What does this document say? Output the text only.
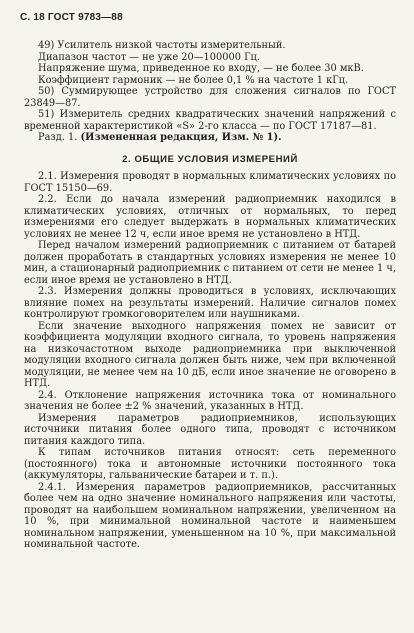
С. 18 ГОСТ 9783—88

49) Усилитель низкой частоты измерительный.

Диапазон частот — не уже 20—100000 Гц.

Напряжение шума, приведенное ко входу, — не более 30 мкВ.

Коэффициент гармоник — не более 0,1 % на частоте 1 кГц.

50) Суммирующее устройство для сложения сигналов по ГОСТ 23849—87.

51) Измеритель средних квадратических значений напряжений с временной характеристикой «S» 2-го класса — по ГОСТ 17187—81.

Разд. 1. (Измененная редакция, Изм. № 1).

2. ОБЩИЕ УСЛОВИЯ ИЗМЕРЕНИЙ

2.1. Измерения проводят в нормальных климатических условиях по ГОСТ 15150—69.

2.2. Если до начала измерений радиоприемник находился в климатических условиях, отличных от нормальных, то перед измерениями его следует выдержать в нормальных климатических условиях не менее 12 ч, если иное время не установлено в НТД.

Перед началом измерений радиоприемник с питанием от батарей должен проработать в стандартных условиях измерения не менее 10 мин, а стационарный радиоприемник с питанием от сети не менее 1 ч, если иное время не установлено в НТД.

2.3. Измерения должны проводиться в условиях, исключающих влияние помех на результаты измерений. Наличие сигналов помех контролируют громкоговорителем или наушниками.

Если значение выходного напряжения помех не зависит от коэффициента модуляции входного сигнала, то уровень напряжения на низкочастотном выходе радиоприемника при выключенной модуляции входного сигнала должен быть ниже, чем при включенной модуляции, не менее чем на 10 дБ, если иное значение не оговорено в НТД.

2.4. Отклонение напряжения источника тока от номинального значения не более ±2 % значений, указанных в НТД.

Измерения параметров радиоприемников, использующих источники питания более одного типа, проводят с источником питания каждого типа.

К типам источников питания относят: сеть переменного (постоянного) тока и автономные источники постоянного тока (аккумуляторы, гальванические батареи и т. п.).

2.4.1. Измерения параметров радиоприемников, рассчитанных более чем на одно значение номинального напряжения или частоты, проводят на наибольшем номинальном напряжении, увеличенном на 10 %, при минимальной номинальной частоте и наименьшем номинальном напряжении, уменьшенном на 10 %, при максимальной номинальной частоте.
